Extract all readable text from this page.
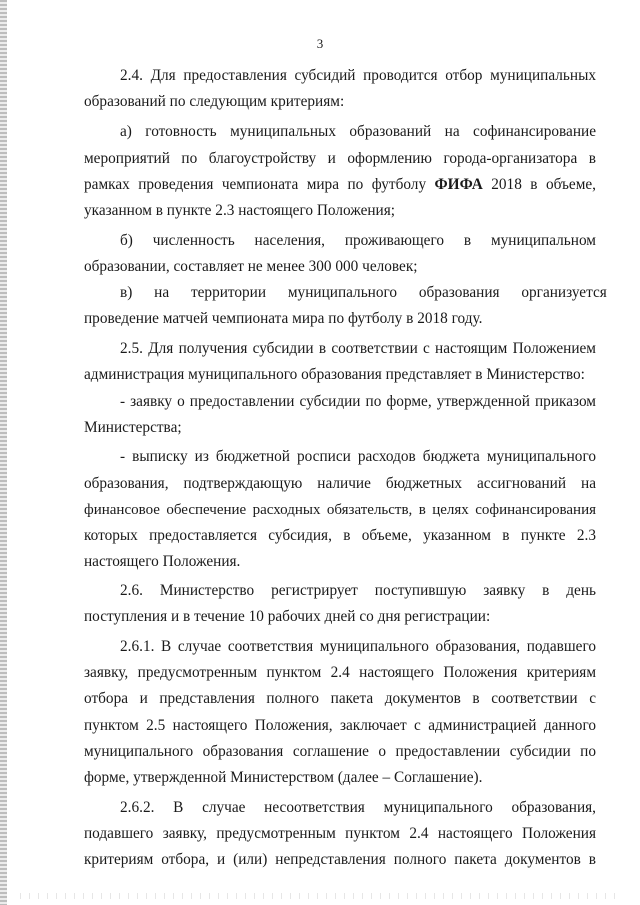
3
2.4. Для предоставления субсидий проводится отбор муниципальных
образований по следующим критериям:
а) готовность муниципальных образований на софинансирование
мероприятий по благоустройству и оформлению города-организатора в
рамках проведения чемпионата мира по футболу ФИФА 2018 в объеме,
указанном в пункте 2.3 настоящего Положения;
б) численность населения, проживающего в муниципальном
образовании, составляет не менее 300 000 человек;
в) на территории муниципального образования организуется
проведение матчей чемпионата мира по футболу в 2018 году.
2.5. Для получения субсидии в соответствии с настоящим Положением
администрация муниципального образования представляет в Министерство:
- заявку о предоставлении субсидии по форме, утвержденной приказом
Министерства;
- выписку из бюджетной росписи расходов бюджета муниципального
образования, подтверждающую наличие бюджетных ассигнований на
финансовое обеспечение расходных обязательств, в целях софинансирования
которых предоставляется субсидия, в объеме, указанном в пункте 2.3
настоящего Положения.
2.6. Министерство регистрирует поступившую заявку в день
поступления и в течение 10 рабочих дней со дня регистрации:
2.6.1. В случае соответствия муниципального образования, подавшего
заявку, предусмотренным пунктом 2.4 настоящего Положения критериям
отбора и представления полного пакета документов в соответствии с
пунктом 2.5 настоящего Положения, заключает с администрацией данного
муниципального образования соглашение о предоставлении субсидии по
форме, утвержденной Министерством (далее – Соглашение).
2.6.2. В случае несоответствия муниципального образования,
подавшего заявку, предусмотренным пунктом 2.4 настоящего Положения
критериям отбора, и (или) непредставления полного пакета документов в
